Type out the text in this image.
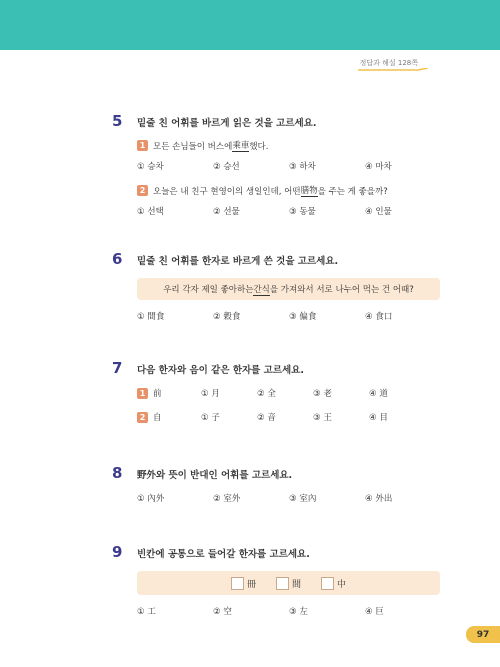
정답과 해설 128쪽
5	밑줄 친 어휘를 바르게 읽은 것을 고르세요.
1 모든 손님들이 버스에 乘車 했다.
① 승차	② 승선	③ 하차	④ 마차
2 오늘은 내 친구 현영이의 생일인데, 어떤 膳物 을 주는 게 좋을까?
① 선택	② 선물	③ 동물	④ 인물
6	밑줄 친 어휘를 한자로 바르게 쓴 것을 고르세요.
우리 각자 제일 좋아하는 간식 을 가져와서 서로 나누어 먹는 건 어때?
① 間食	② 穀食	③ 偏食	④ 食口
7	다음 한자와 음이 같은 한자를 고르세요.
1 前	① 月	② 全	③ 老	④ 道
2 自	① 子	② 音	③ 王	④ 目
8	野外와 뜻이 반대인 어휘를 고르세요.
① 內外	② 室外	③ 室內	④ 外出
9	빈칸에 공통으로 들어갈 한자를 고르세요.
冊	間	中
① 工	② 空	③ 左	④ 巨
97
